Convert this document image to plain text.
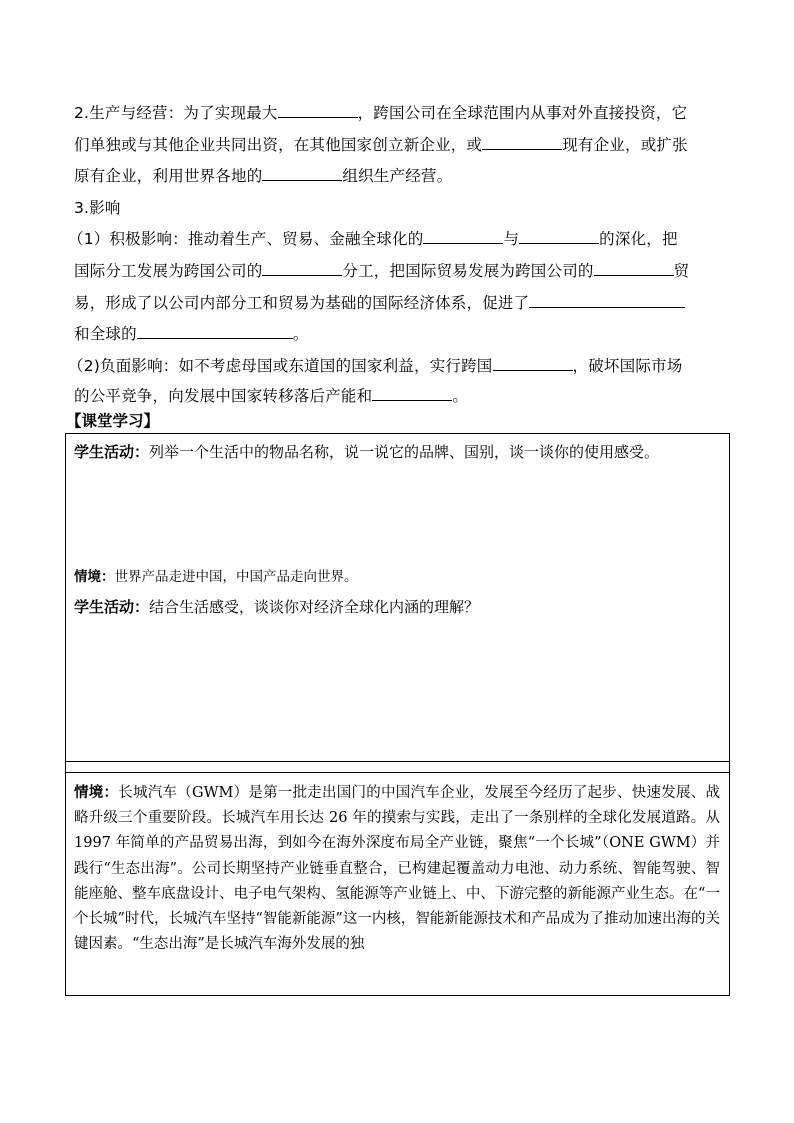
2.生产与经营：为了实现最大	，跨国公司在全球范围内从事对外直接投资，它
们单独或与其他企业共同出资，在其他国家创立新企业，或	现有企业，或扩张
原有企业，利用世界各地的	组织生产经营。
3.影响
（1）积极影响：推动着生产、贸易、金融全球化的	与	的深化，把
国际分工发展为跨国公司的	分工，把国际贸易发展为跨国公司的	贸
易，形成了以公司内部分工和贸易为基础的国际经济体系，促进了
和全球的	。
（2)负面影响：如不考虑母国或东道国的国家利益，实行跨国	，破坏国际市场
的公平竞争，向发展中国家转移落后产能和	。
【课堂学习】
学生活动：列举一个生活中的物品名称，说一说它的品牌、国别，谈一谈你的使用感受。
情境：世界产品走进中国，中国产品走向世界。
学生活动：结合生活感受，谈谈你对经济全球化内涵的理解？
情境：长城汽车（GWM）是第一批走出国门的中国汽车企业，发展至今经历了起步、快速发展、战略升级三个重要阶段。长城汽车用长达 26 年的摸索与实践，走出了一条别样的全球化发展道路。从 1997 年简单的产品贸易出海，到如今在海外深度布局全产业链，聚焦“一个长城”（ONE GWM）并践行“生态出海”。公司长期坚持产业链垂直整合，已构建起覆盖动力电池、动力系统、智能驾驶、智能座舱、整车底盘设计、电子电气架构、氢能源等产业链上、中、下游完整的新能源产业生态。在“一个长城”时代，长城汽车坚持“智能新能源”这一内核，智能新能源技术和产品成为了推动加速出海的关键因素。“生态出海”是长城汽车海外发展的独
